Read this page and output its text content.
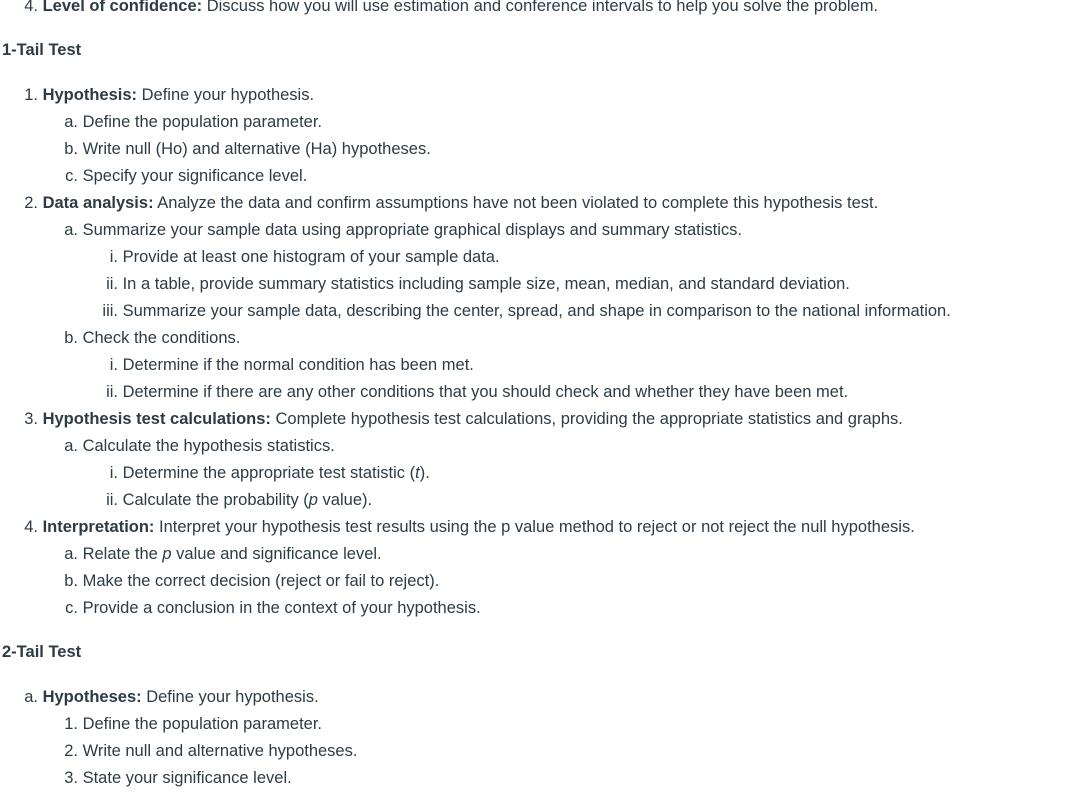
4. Level of confidence: Discuss how you will use estimation and conference intervals to help you solve the problem.
1-Tail Test
1. Hypothesis: Define your hypothesis.
a. Define the population parameter.
b. Write null (Ho) and alternative (Ha) hypotheses.
c. Specify your significance level.
2. Data analysis: Analyze the data and confirm assumptions have not been violated to complete this hypothesis test.
a. Summarize your sample data using appropriate graphical displays and summary statistics.
i. Provide at least one histogram of your sample data.
ii. In a table, provide summary statistics including sample size, mean, median, and standard deviation.
iii. Summarize your sample data, describing the center, spread, and shape in comparison to the national information.
b. Check the conditions.
i. Determine if the normal condition has been met.
ii. Determine if there are any other conditions that you should check and whether they have been met.
3. Hypothesis test calculations: Complete hypothesis test calculations, providing the appropriate statistics and graphs.
a. Calculate the hypothesis statistics.
i. Determine the appropriate test statistic (t).
ii. Calculate the probability (p value).
4. Interpretation: Interpret your hypothesis test results using the p value method to reject or not reject the null hypothesis.
a. Relate the p value and significance level.
b. Make the correct decision (reject or fail to reject).
c. Provide a conclusion in the context of your hypothesis.
2-Tail Test
a. Hypotheses: Define your hypothesis.
1. Define the population parameter.
2. Write null and alternative hypotheses.
3. State your significance level.
